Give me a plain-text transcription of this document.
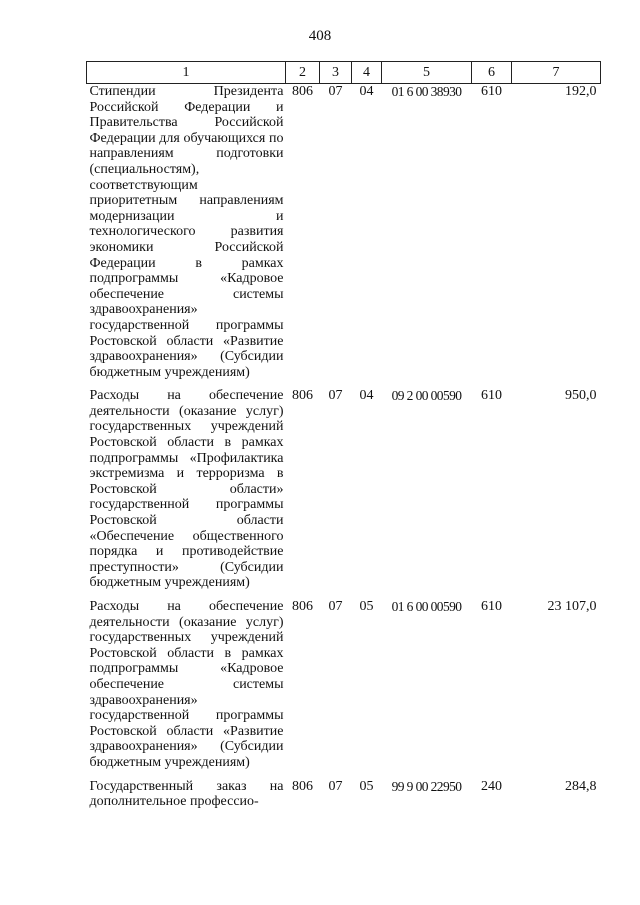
408
1	2	3	4	5	6	7
Стипендии Президента Российской Федерации и Правительства Российской Федерации для обучающихся по направлениям подготовки (специальностям), соответствующим приоритетным направлениям модернизации и технологического развития экономики Российской Федерации в рамках подпрограммы «Кадровое обеспечение системы здравоохранения» государственной программы Ростовской области «Развитие здравоохранения» (Субсидии бюджетным учреждениям)	806	07	04	01 6 00 38930	610	192,0
Расходы на обеспечение деятельности (оказание услуг) государственных учреждений Ростовской области в рамках подпрограммы «Профилактика экстремизма и терроризма в Ростовской области» государственной программы Ростовской области «Обеспечение общественного порядка и противодействие преступности» (Субсидии бюджетным учреждениям)	806	07	04	09 2 00 00590	610	950,0
Расходы на обеспечение деятельности (оказание услуг) государственных учреждений Ростовской области в рамках подпрограммы «Кадровое обеспечение системы здравоохранения» государственной программы Ростовской области «Развитие здравоохранения» (Субсидии бюджетным учреждениям)	806	07	05	01 6 00 00590	610	23 107,0
Государственный заказ на дополнительное профессио-	806	07	05	99 9 00 22950	240	284,8
